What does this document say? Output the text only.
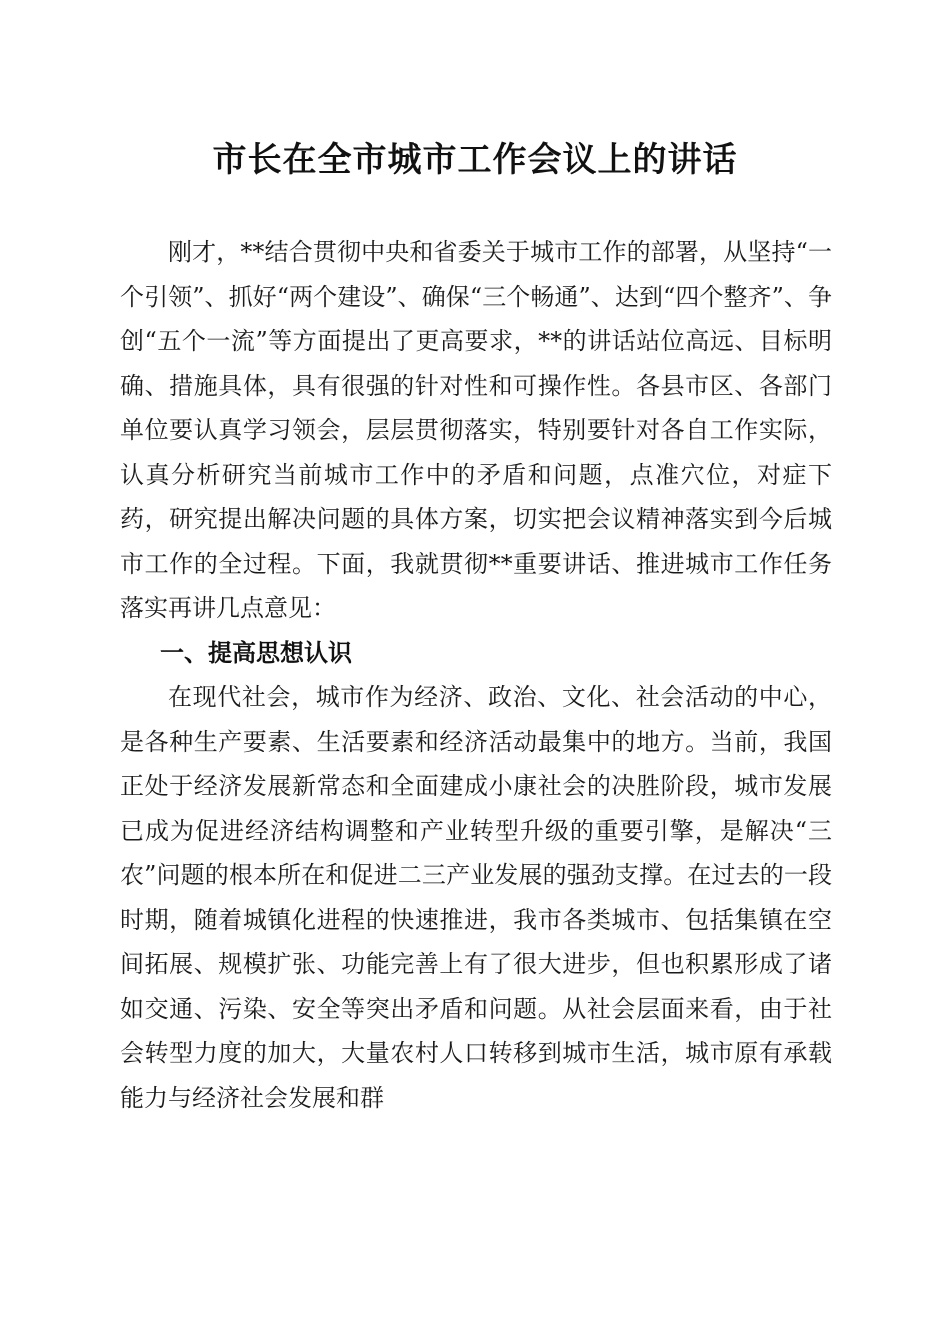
市长在全市城市工作会议上的讲话

刚才，**结合贯彻中央和省委关于城市工作的部署，从坚持“一个引领”、抓好“两个建设”、确保“三个畅通”、达到“四个整齐”、争创“五个一流”等方面提出了更高要求，**的讲话站位高远、目标明确、措施具体，具有很强的针对性和可操作性。各县市区、各部门单位要认真学习领会，层层贯彻落实，特别要针对各自工作实际，认真分析研究当前城市工作中的矛盾和问题，点准穴位，对症下药，研究提出解决问题的具体方案，切实把会议精神落实到今后城市工作的全过程。下面，我就贯彻**重要讲话、推进城市工作任务落实再讲几点意见：

一、提高思想认识

在现代社会，城市作为经济、政治、文化、社会活动的中心，是各种生产要素、生活要素和经济活动最集中的地方。当前，我国正处于经济发展新常态和全面建成小康社会的决胜阶段，城市发展已成为促进经济结构调整和产业转型升级的重要引擎，是解决“三农”问题的根本所在和促进二三产业发展的强劲支撑。在过去的一段时期，随着城镇化进程的快速推进，我市各类城市、包括集镇在空间拓展、规模扩张、功能完善上有了很大进步，但也积累形成了诸如交通、污染、安全等突出矛盾和问题。从社会层面来看，由于社会转型力度的加大，大量农村人口转移到城市生活，城市原有承载能力与经济社会发展和群
